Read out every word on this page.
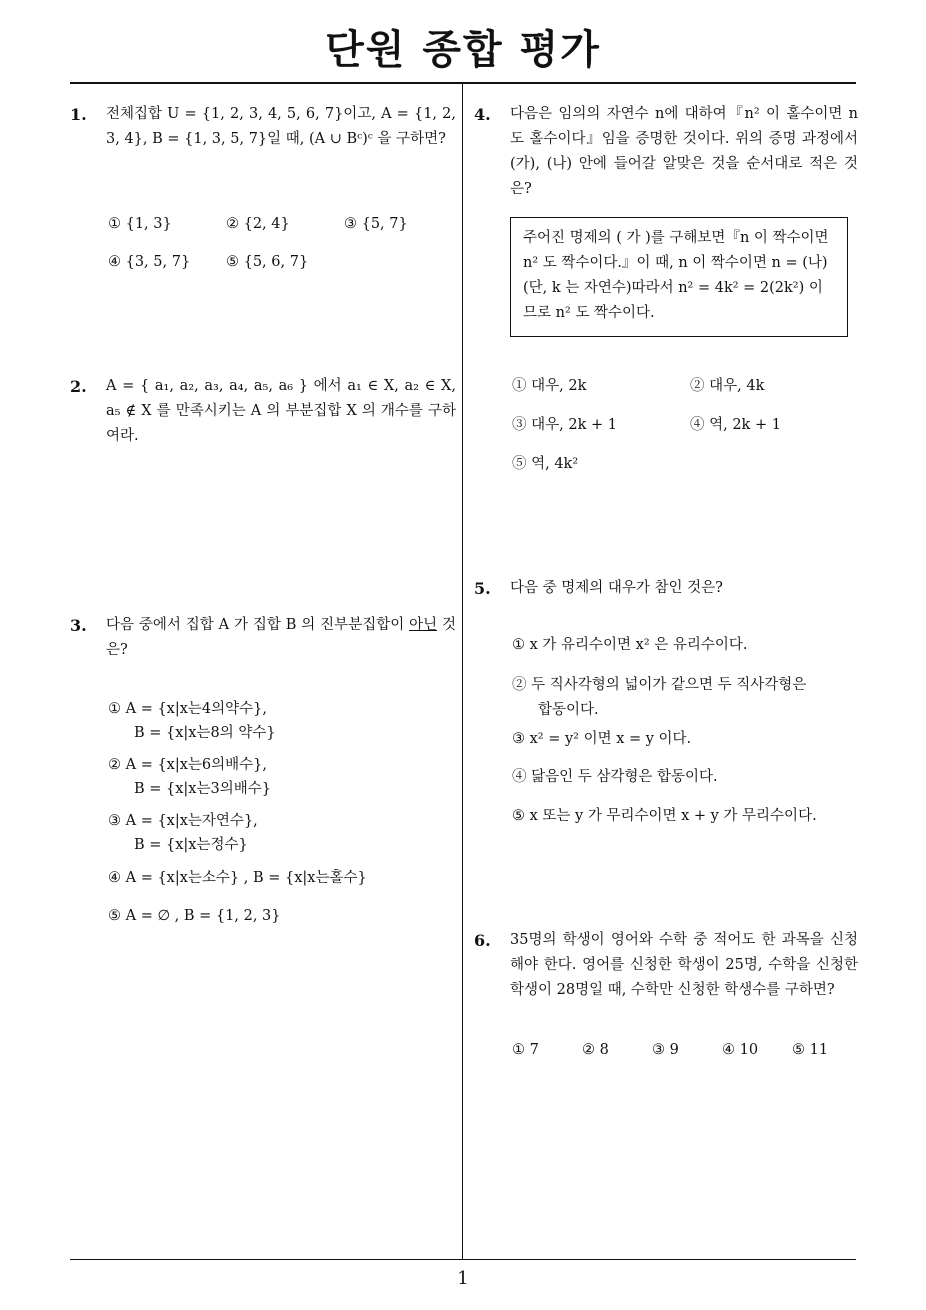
단원 종합 평가
1. 전체집합 U = {1, 2, 3, 4, 5, 6, 7}이고, A = {1, 2, 3, 4}, B = {1, 3, 5, 7}일 때, (A ∪ Bᶜ)ᶜ 을 구하면?
① {1, 3}	② {2, 4}	③ {5, 7}
④ {3, 5, 7} ⑤ {5, 6, 7}
2. A = { a₁, a₂, a₃, a₄, a₅, a₆ } 에서 a₁ ∈ X, a₂ ∈ X, a₅ ∉ X 를 만족시키는 A 의 부분집합 X 의 개수를 구하여라.
3. 다음 중에서 집합 A 가 집합 B 의 진부분집합이 아닌 것은?
① A = {x|x는4의약수},
B = {x|x는8의 약수}
② A = {x|x는6의배수},
B = {x|x는3의배수}
③ A = {x|x는자연수},
B = {x|x는정수}
④ A = {x|x는소수} , B = {x|x는홀수}
⑤ A = ∅ , B = {1, 2, 3}
4. 다음은 임의의 자연수 n에 대하여『n² 이 홀수이면 n 도 홀수이다』임을 증명한 것이다. 위의 증명 과정에서 (가), (나) 안에 들어갈 알맞은 것을 순서대로 적은 것은?
주어진 명제의 ( 가 )를 구해보면『n 이 짝수이면 n² 도 짝수이다.』이 때, n 이 짝수이면 n = (나) (단, k 는 자연수)따라서 n² = 4k² = 2(2k²) 이므로 n² 도 짝수이다.
① 대우, 2k	② 대우, 4k
③ 대우, 2k + 1	④ 역, 2k + 1
⑤ 역, 4k²
5. 다음 중 명제의 대우가 참인 것은?
① x 가 유리수이면 x² 은 유리수이다.
② 두 직사각형의 넓이가 같으면 두 직사각형은
합동이다.
③ x² = y² 이면 x = y 이다.
④ 닮음인 두 삼각형은 합동이다.
⑤ x 또는 y 가 무리수이면 x + y 가 무리수이다.
6. 35명의 학생이 영어와 수학 중 적어도 한 과목을 신청해야 한다. 영어를 신청한 학생이 25명, 수학을 신청한 학생이 28명일 때, 수학만 신청한 학생수를 구하면?
① 7	② 8	③ 9	④ 10 ⑤ 11
1
